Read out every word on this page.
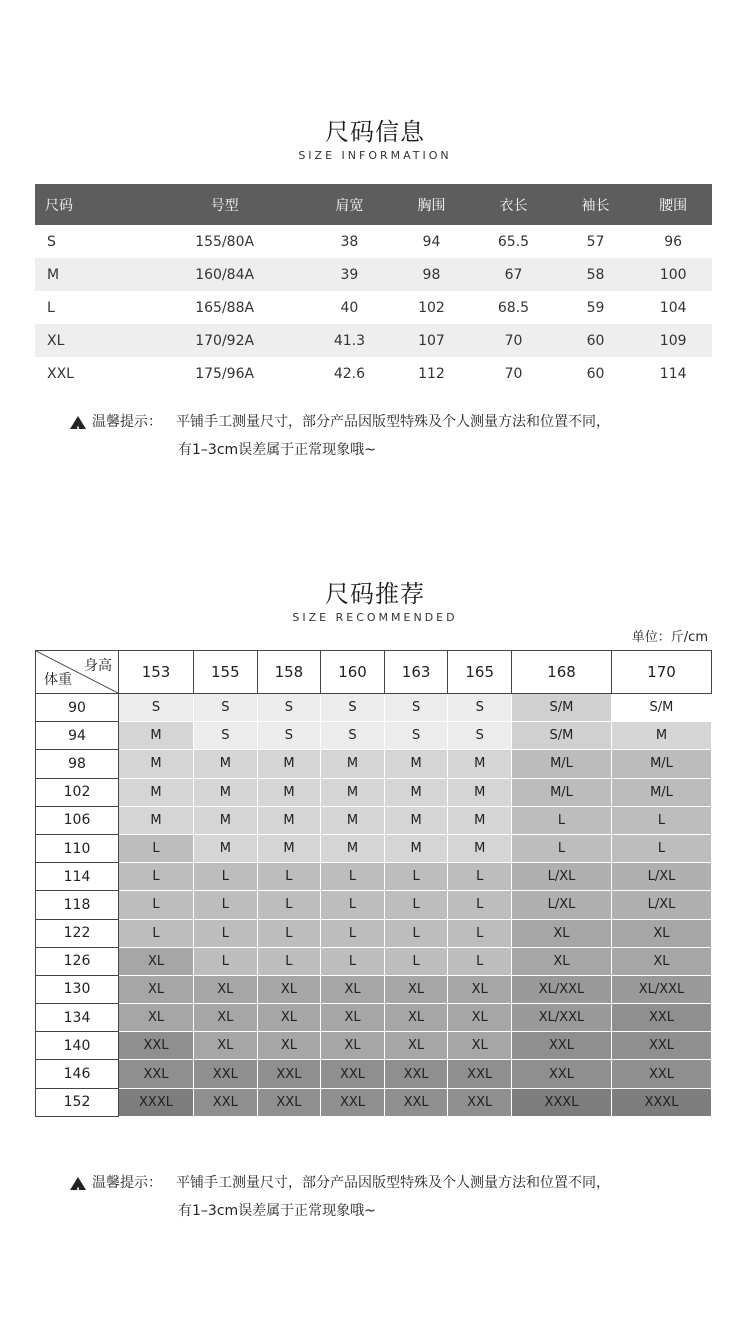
尺码信息
SIZE INFORMATION
尺码	号型	肩宽	胸围	衣长	袖长	腰围
S	155/80A	38	94	65.5	57	96
M	160/84A	39	98	67	58	100
L	165/88A	40	102	68.5	59	104
XL	170/92A	41.3	107	70	60	109
XXL	175/96A	42.6	112	70	60	114
!
温馨提示： 平铺手工测量尺寸，部分产品因版型特殊及个人测量方法和位置不同，
有1–3cm误差属于正常现象哦~
尺码推荐
SIZE RECOMMENDED
单位：斤/cm
身高
体重	153	155	158	160	163	165	168	170
90	S	S	S	S	S	S	S/M	S/M
94	M	S	S	S	S	S	S/M	M
98	M	M	M	M	M	M	M/L	M/L
102	M	M	M	M	M	M	M/L	M/L
106	M	M	M	M	M	M	L	L
110	L	M	M	M	M	M	L	L
114	L	L	L	L	L	L	L/XL	L/XL
118	L	L	L	L	L	L	L/XL	L/XL
122	L	L	L	L	L	L	XL	XL
126	XL	L	L	L	L	L	XL	XL
130	XL	XL	XL	XL	XL	XL	XL/XXL	XL/XXL
134	XL	XL	XL	XL	XL	XL	XL/XXL	XXL
140	XXL	XL	XL	XL	XL	XL	XXL	XXL
146	XXL	XXL	XXL	XXL	XXL	XXL	XXL	XXL
152	XXXL	XXL	XXL	XXL	XXL	XXL	XXXL	XXXL
!
温馨提示： 平铺手工测量尺寸，部分产品因版型特殊及个人测量方法和位置不同，
有1–3cm误差属于正常现象哦~
